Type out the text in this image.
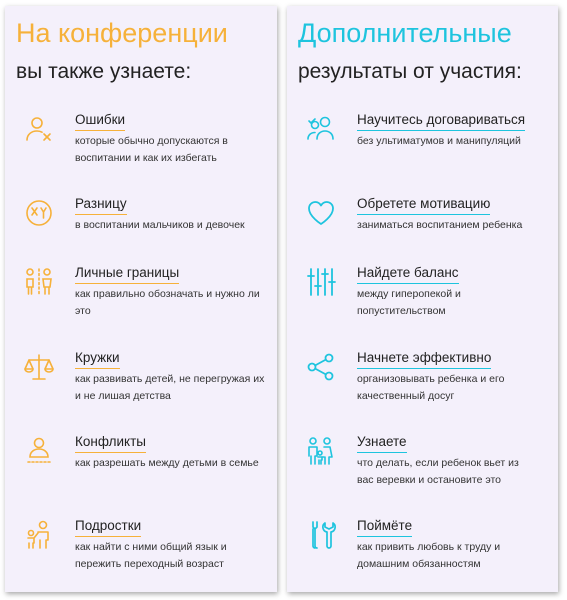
На конференции
вы также узнаете:
Ошибки
которые обычно допускаются в воспитании и как их избегать
Разницу
в воспитании мальчиков и девочек
Личные границы
как правильно обозначать и нужно ли это
Кружки
как развивать детей, не перегружая их и не лишая детства
Конфликты
как разрешать между детьми в семье
Подростки
как найти с ними общий язык и пережить переходный возраст
Дополнительные
результаты от участия:
Научитесь договариваться
без ультиматумов и манипуляций
Обретете мотивацию
заниматься воспитанием ребенка
Найдете баланс
между гиперопекой и попустительством
Начнете эффективно
организовывать ребенка и его качественный досуг
Узнаете
что делать, если ребенок вьет из вас веревки и остановите это
Поймёте
как привить любовь к труду и домашним обязанностям
